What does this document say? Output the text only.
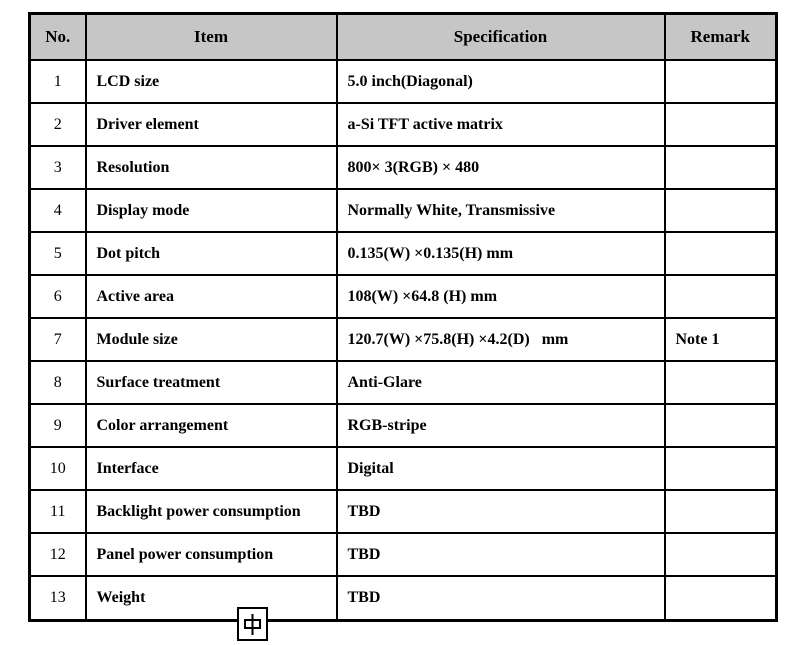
No.	Item	Specification	Remark
1	LCD size	5.0 inch(Diagonal)	
2	Driver element	a-Si TFT active matrix	
3	Resolution	800× 3(RGB) × 480	
4	Display mode	Normally White, Transmissive	
5	Dot pitch	0.135(W) ×0.135(H) mm	
6	Active area	108(W) ×64.8 (H) mm	
7	Module size	120.7(W) ×75.8(H) ×4.2(D)   mm	Note 1
8	Surface treatment	Anti-Glare	
9	Color arrangement	RGB-stripe	
10	Interface	Digital	
11	Backlight power consumption	TBD	
12	Panel power consumption	TBD	
13	Weight	TBD	
